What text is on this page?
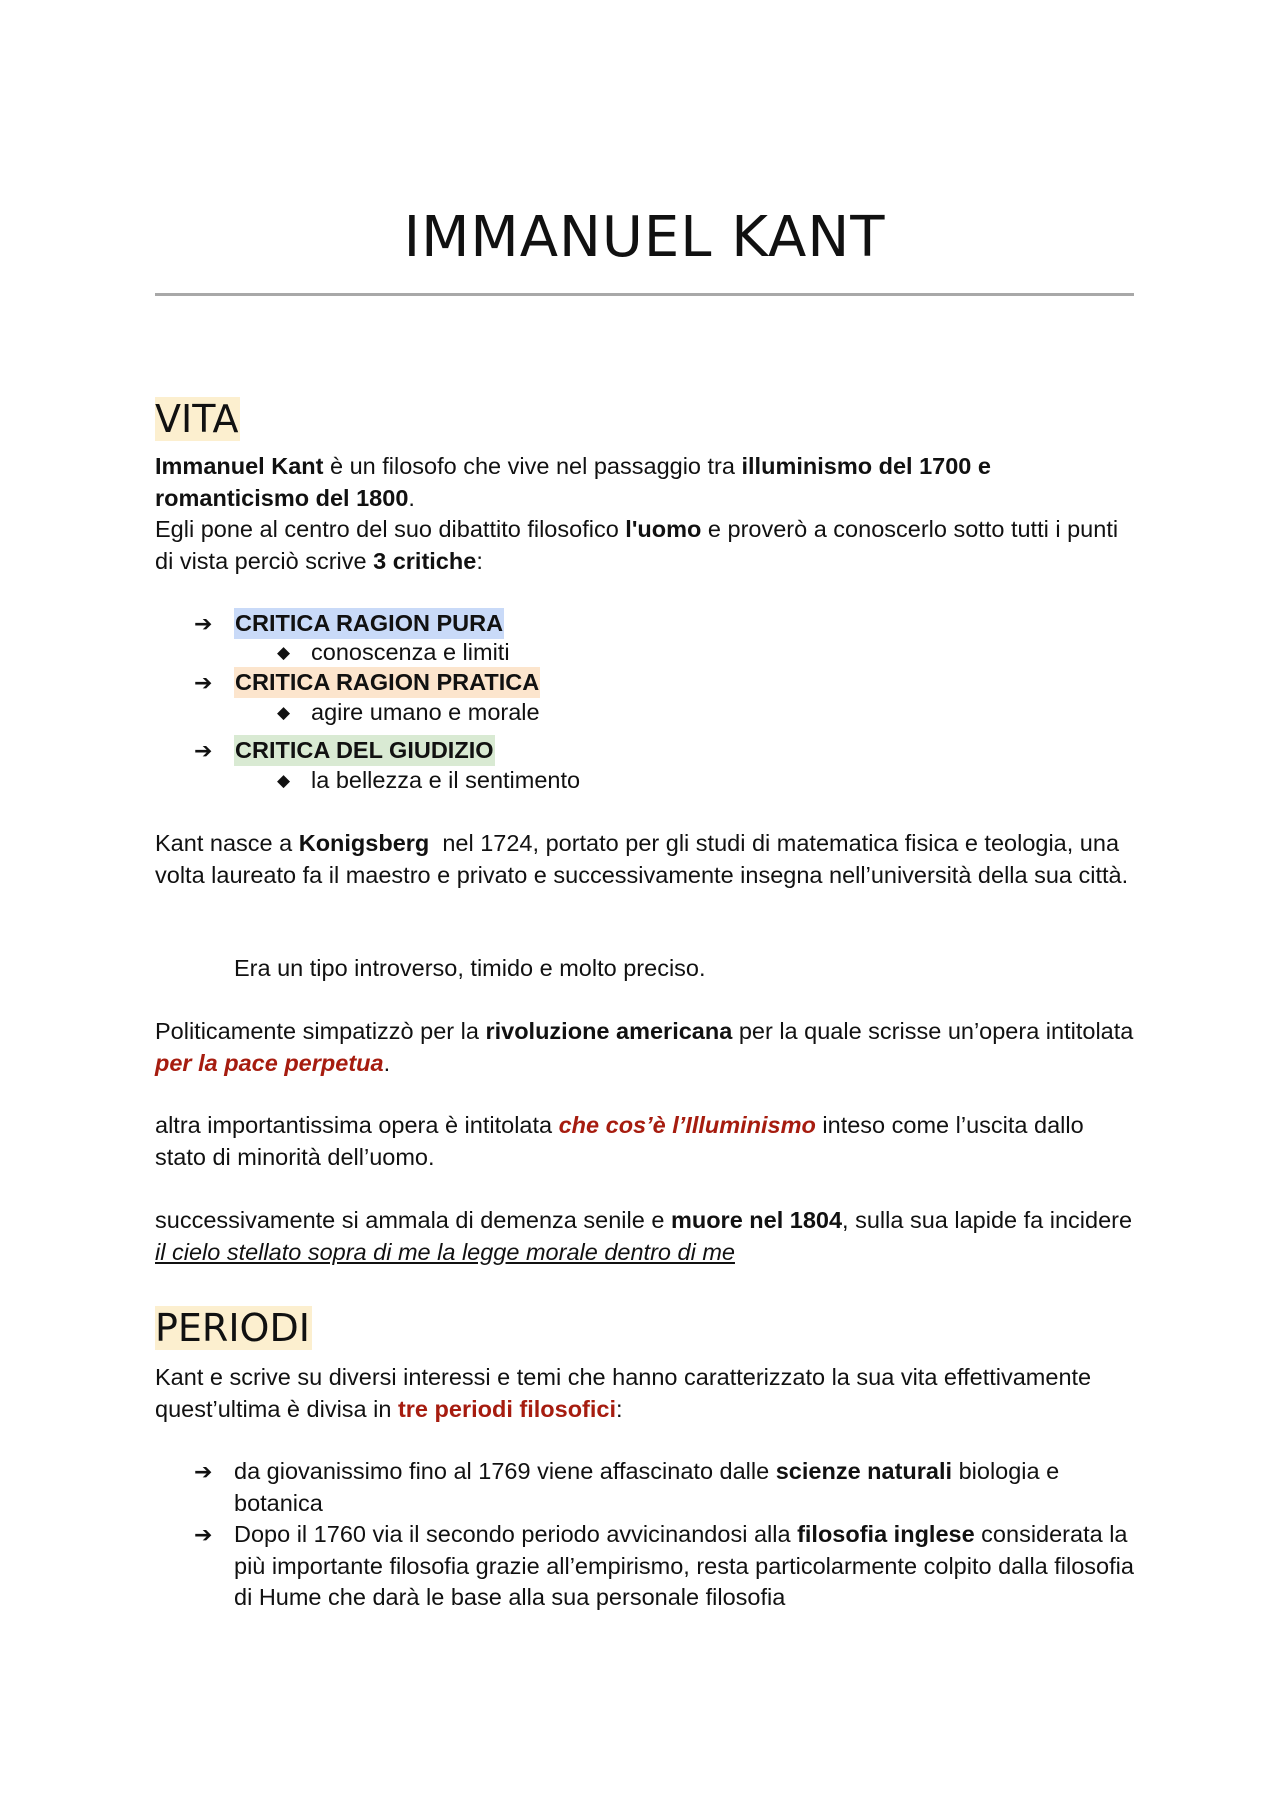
IMMANUEL KANT
VITA

Immanuel Kant è un filosofo che vive nel passaggio tra illuminismo del 1700 e romanticismo del 1800.
Egli pone al centro del suo dibattito filosofico l'uomo e proverò a conoscerlo sotto tutti i punti di vista perciò scrive 3 critiche:

➔ CRITICA RAGION PURA
◆ conoscenza e limiti
➔ CRITICA RAGION PRATICA
◆ agire umano e morale
➔ CRITICA DEL GIUDIZIO
◆ la bellezza e il sentimento

Kant nasce a Konigsberg  nel 1724, portato per gli studi di matematica fisica e teologia, una volta laureato fa il maestro e privato e successivamente insegna nell’università della sua città.

Era un tipo introverso, timido e molto preciso.

Politicamente simpatizzò per la rivoluzione americana per la quale scrisse un’opera intitolata per la pace perpetua.

altra importantissima opera è intitolata che cos’è l’Illuminismo inteso come l’uscita dallo stato di minorità dell’uomo.

successivamente si ammala di demenza senile e muore nel 1804, sulla sua lapide fa incidere il cielo stellato sopra di me la legge morale dentro di me

PERIODI

Kant e scrive su diversi interessi e temi che hanno caratterizzato la sua vita effettivamente quest’ultima è divisa in tre periodi filosofici:

➔ da giovanissimo fino al 1769 viene affascinato dalle scienze naturali biologia e botanica
➔ Dopo il 1760 via il secondo periodo avvicinandosi alla filosofia inglese considerata la più importante filosofia grazie all’empirismo, resta particolarmente colpito dalla filosofia di Hume che darà le base alla sua personale filosofia
